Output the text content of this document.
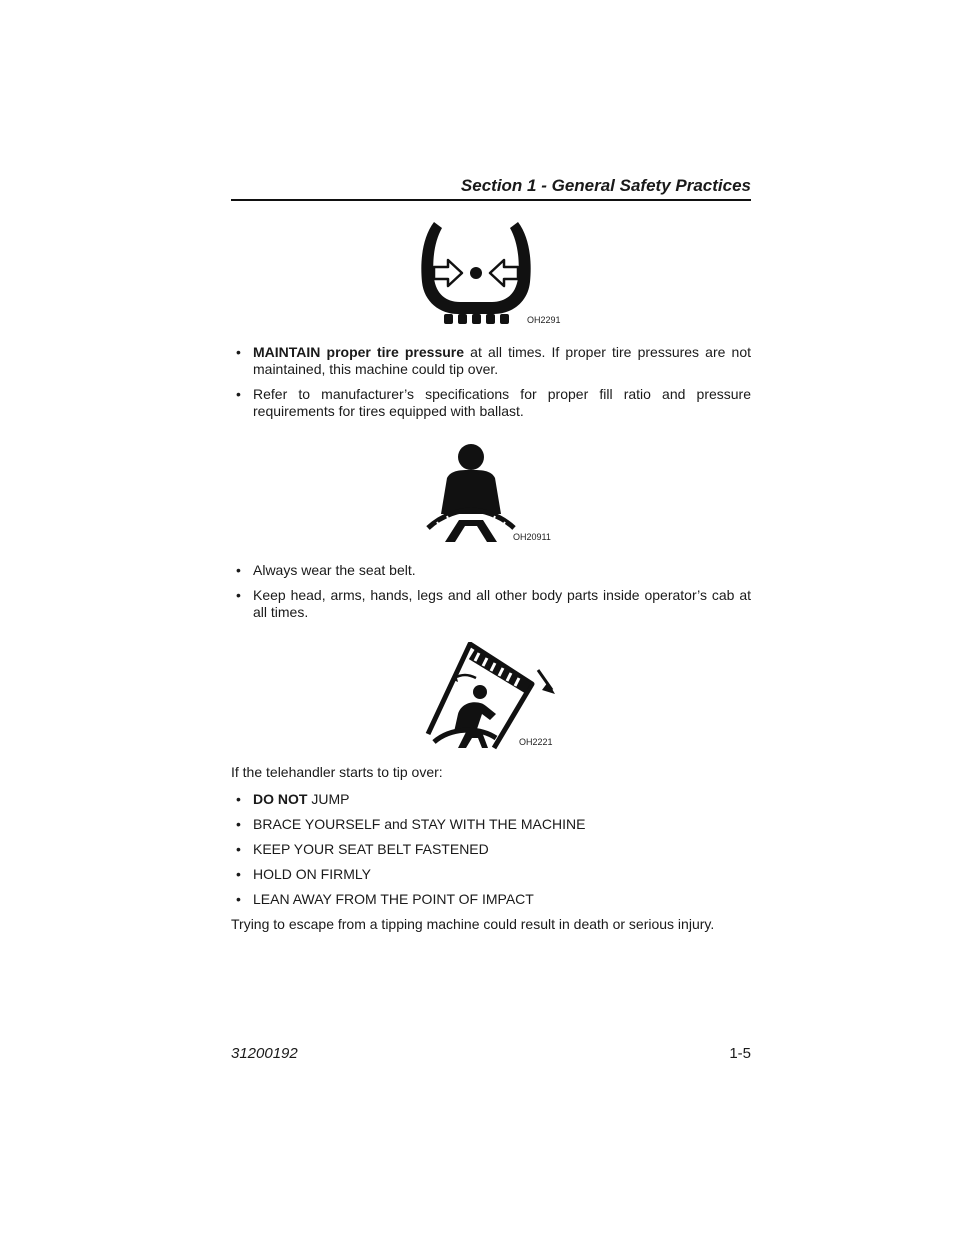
Section 1 - General Safety Practices
OH2291
• MAINTAIN proper tire pressure at all times. If proper tire pressures are not maintained, this machine could tip over.
• Refer to manufacturer’s specifications for proper fill ratio and pressure requirements for tires equipped with ballast.
OH20911
• Always wear the seat belt.
• Keep head, arms, hands, legs and all other body parts inside operator’s cab at all times.
OH2221
If the telehandler starts to tip over:
• DO NOT JUMP
• BRACE YOURSELF and STAY WITH THE MACHINE
• KEEP YOUR SEAT BELT FASTENED
• HOLD ON FIRMLY
• LEAN AWAY FROM THE POINT OF IMPACT
Trying to escape from a tipping machine could result in death or serious injury.
31200192	1-5
